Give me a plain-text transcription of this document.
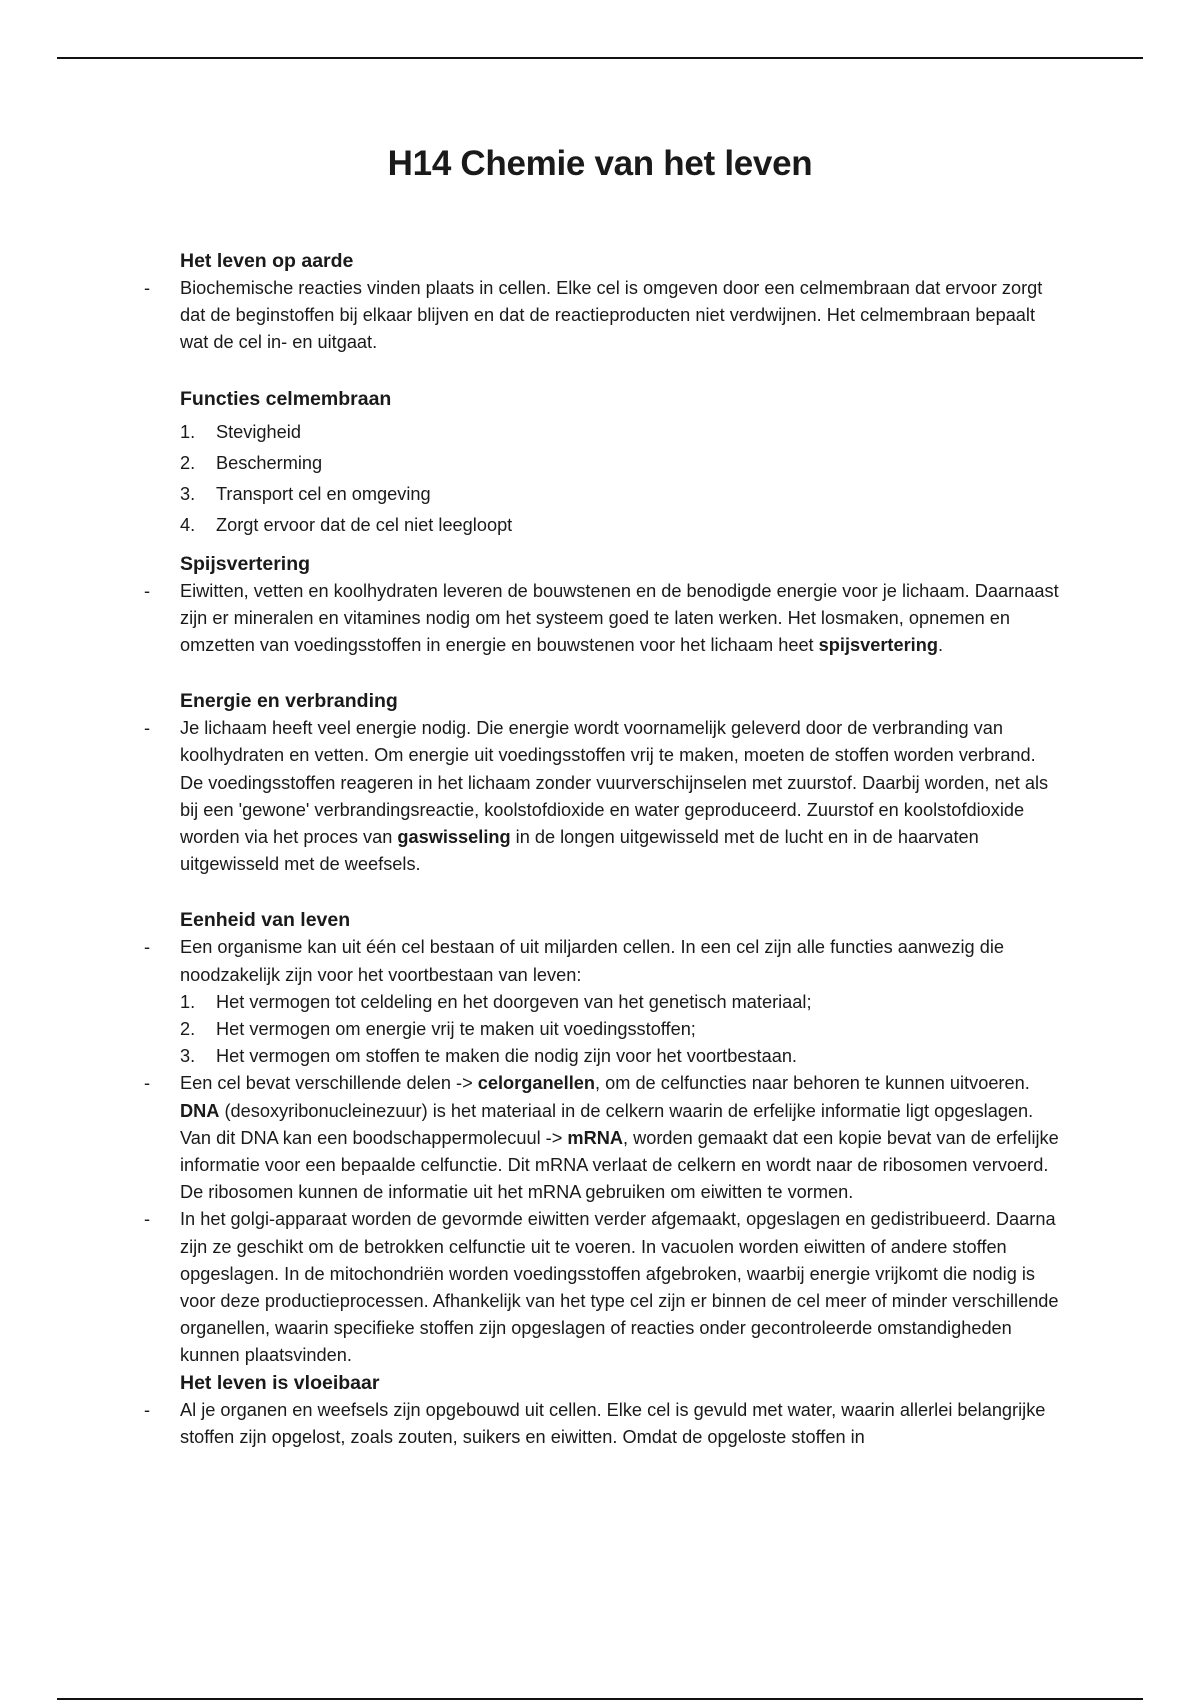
H14 Chemie van het leven
Het leven op aarde
-	Biochemische reacties vinden plaats in cellen. Elke cel is omgeven door een celmembraan dat ervoor zorgt dat de beginstoffen bij elkaar blijven en dat de reactieproducten niet verdwijnen. Het celmembraan bepaalt wat de cel in- en uitgaat.
Functies celmembraan
1. Stevigheid
2. Bescherming
3. Transport cel en omgeving
4. Zorgt ervoor dat de cel niet leegloopt
Spijsvertering
-	Eiwitten, vetten en koolhydraten leveren de bouwstenen en de benodigde energie voor je lichaam. Daarnaast zijn er mineralen en vitamines nodig om het systeem goed te laten werken. Het losmaken, opnemen en omzetten van voedingsstoffen in energie en bouwstenen voor het lichaam heet spijsvertering.
Energie en verbranding
-	Je lichaam heeft veel energie nodig. Die energie wordt voornamelijk geleverd door de verbranding van koolhydraten en vetten. Om energie uit voedingsstoffen vrij te maken, moeten de stoffen worden verbrand. De voedingsstoffen reageren in het lichaam zonder vuurverschijnselen met zuurstof. Daarbij worden, net als bij een 'gewone' verbrandingsreactie, koolstofdioxide en water geproduceerd. Zuurstof en koolstofdioxide worden via het proces van gaswisseling in de longen uitgewisseld met de lucht en in de haarvaten uitgewisseld met de weefsels.
Eenheid van leven
-	Een organisme kan uit één cel bestaan of uit miljarden cellen. In een cel zijn alle functies aanwezig die noodzakelijk zijn voor het voortbestaan van leven:
1. Het vermogen tot celdeling en het doorgeven van het genetisch materiaal;
2. Het vermogen om energie vrij te maken uit voedingsstoffen;
3. Het vermogen om stoffen te maken die nodig zijn voor het voortbestaan.
-	Een cel bevat verschillende delen -> celorganellen, om de celfuncties naar behoren te kunnen uitvoeren. DNA (desoxyribonucleinezuur) is het materiaal in de celkern waarin de erfelijke informatie ligt opgeslagen. Van dit DNA kan een boodschappermolecuul -> mRNA, worden gemaakt dat een kopie bevat van de erfelijke informatie voor een bepaalde celfunctie. Dit mRNA verlaat de celkern en wordt naar de ribosomen vervoerd. De ribosomen kunnen de informatie uit het mRNA gebruiken om eiwitten te vormen.
-	In het golgi-apparaat worden de gevormde eiwitten verder afgemaakt, opgeslagen en gedistribueerd. Daarna zijn ze geschikt om de betrokken celfunctie uit te voeren. In vacuolen worden eiwitten of andere stoffen opgeslagen. In de mitochondriën worden voedingsstoffen afgebroken, waarbij energie vrijkomt die nodig is voor deze productieprocessen. Afhankelijk van het type cel zijn er binnen de cel meer of minder verschillende organellen, waarin specifieke stoffen zijn opgeslagen of reacties onder gecontroleerde omstandigheden kunnen plaatsvinden.
Het leven is vloeibaar
-	Al je organen en weefsels zijn opgebouwd uit cellen. Elke cel is gevuld met water, waarin allerlei belangrijke stoffen zijn opgelost, zoals zouten, suikers en eiwitten. Omdat de opgeloste stoffen in
